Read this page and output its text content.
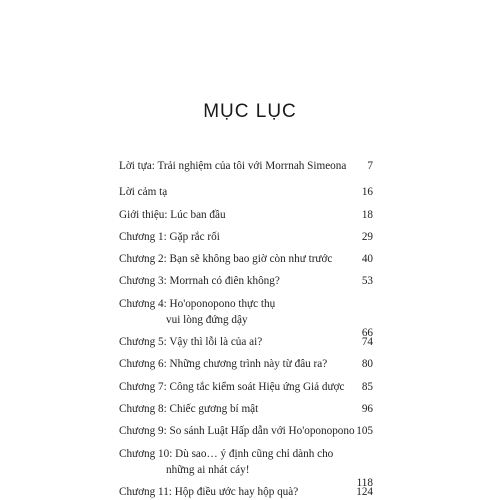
MỤC LỤC
Lời tựa: Trải nghiệm của tôi với Morrnah Simeona 7
Lời cảm tạ	16
Giới thiệu: Lúc ban đầu	18
Chương 1: Gặp rắc rối	29
Chương 2: Bạn sẽ không bao giờ còn như trước	40
Chương 3: Morrnah có điên không?	53
Chương 4: Ho'oponopono thực thụ
vui lòng đứng dậy
66
Chương 5: Vậy thì lỗi là của ai?	74
Chương 6: Những chương trình này từ đâu ra?	80
Chương 7: Công tắc kiểm soát Hiệu ứng Giả dược 85
Chương 8: Chiếc gương bí mật	96
Chương 9: So sánh Luật Hấp dẫn với Ho'oponopono 105
Chương 10: Dù sao… ý định cũng chỉ dành cho
những ai nhát cáy!
118
Chương 11: Hộp điều ước hay hộp quà?	124
